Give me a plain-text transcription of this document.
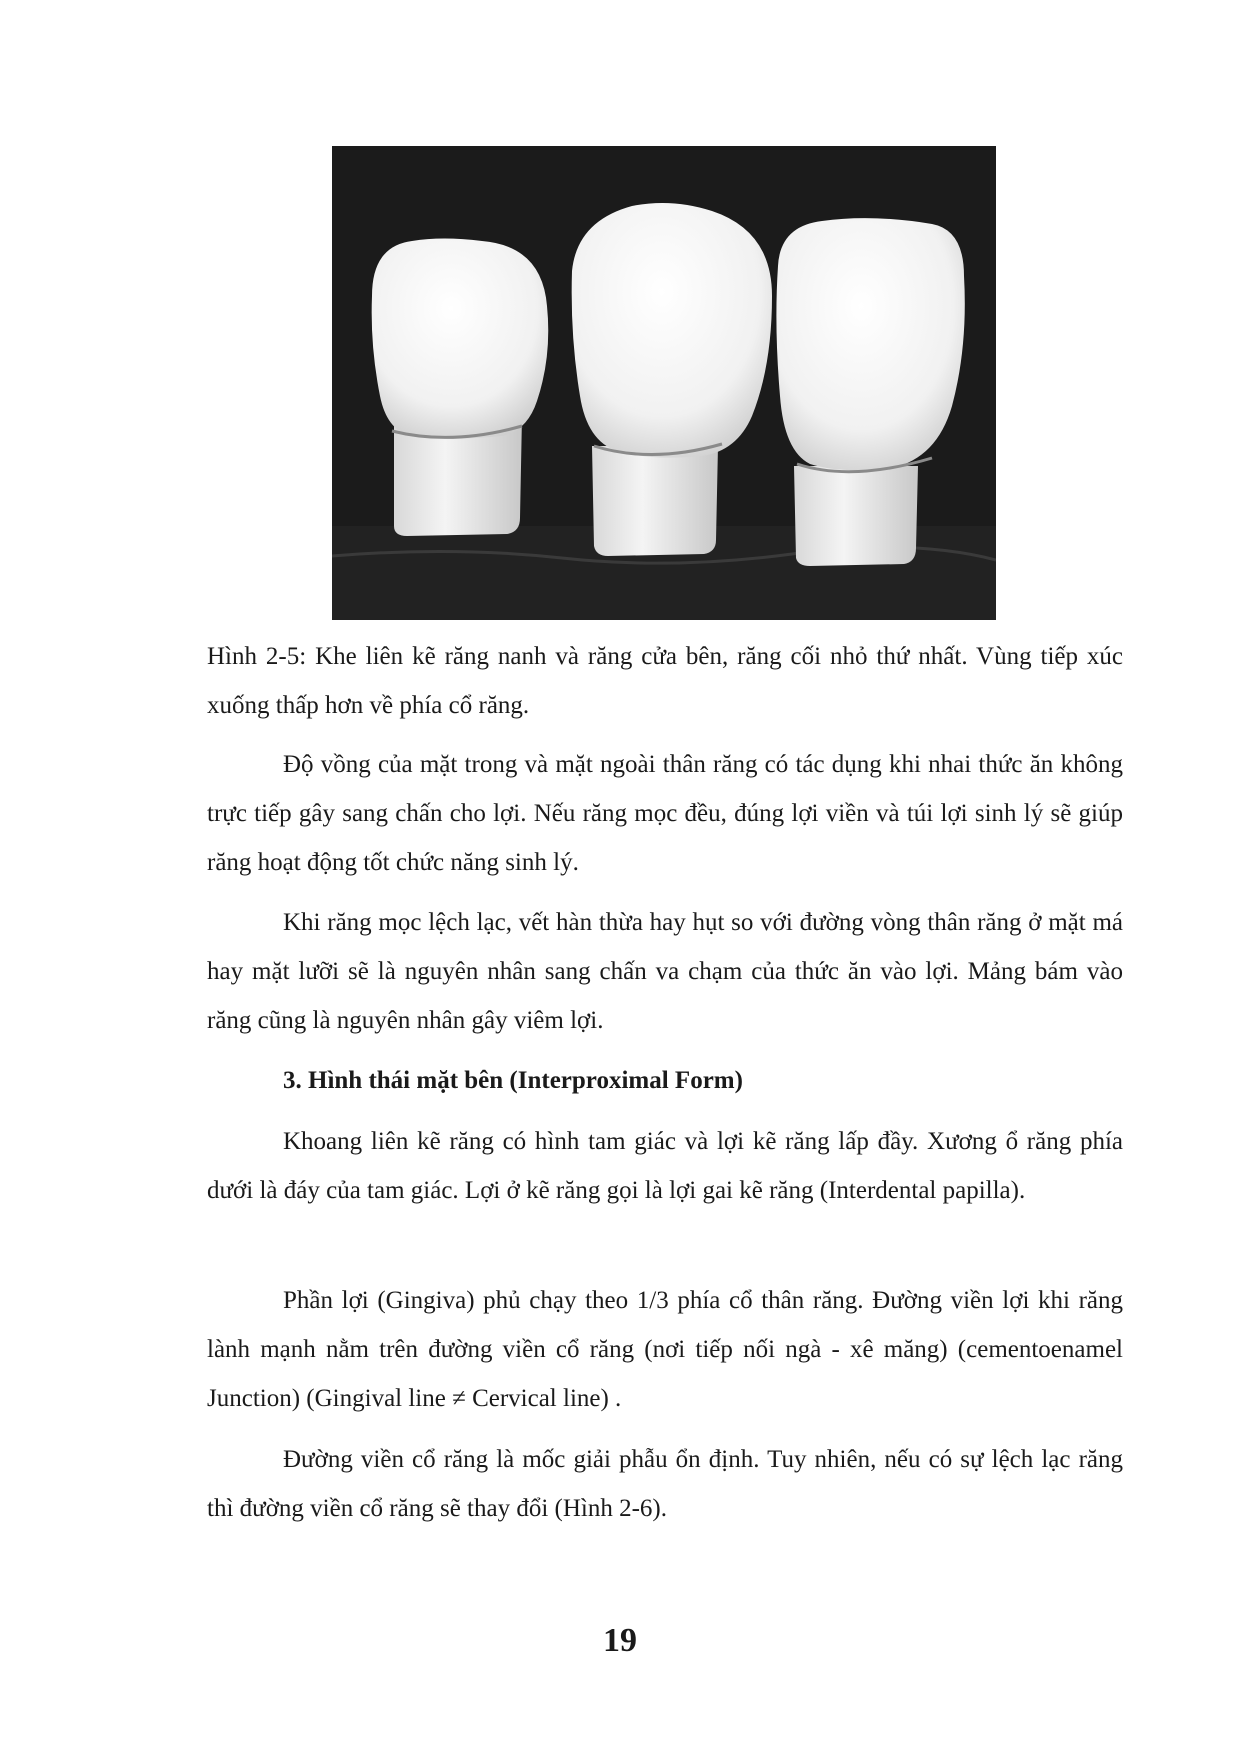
Hình 2-5: Khe liên kẽ răng nanh và răng cửa bên, răng cối nhỏ thứ nhất. Vùng tiếp xúc xuống thấp hơn về phía cổ răng.

Độ vồng của mặt trong và mặt ngoài thân răng có tác dụng khi nhai thức ăn không trực tiếp gây sang chấn cho lợi. Nếu răng mọc đều, đúng lợi viền và túi lợi sinh lý sẽ giúp răng hoạt động tốt chức năng sinh lý.

Khi răng mọc lệch lạc, vết hàn thừa hay hụt so với đường vòng thân răng ở mặt má hay mặt lưỡi sẽ là nguyên nhân sang chấn va chạm của thức ăn vào lợi. Mảng bám vào răng cũng là nguyên nhân gây viêm lợi.

3. Hình thái mặt bên (Interproximal Form)

Khoang liên kẽ răng có hình tam giác và lợi kẽ răng lấp đầy. Xương ổ răng phía dưới là đáy của tam giác. Lợi ở kẽ răng gọi là lợi gai kẽ răng (Interdental papilla).

Phần lợi (Gingiva) phủ chạy theo 1/3 phía cổ thân răng. Đường viền lợi khi răng lành mạnh nằm trên đường viền cổ răng (nơi tiếp nối ngà - xê măng) (cementoenamel Junction) (Gingival line ≠ Cervical line) .

Đường viền cổ răng là mốc giải phẫu ổn định. Tuy nhiên, nếu có sự lệch lạc răng thì đường viền cổ răng sẽ thay đổi (Hình 2-6).

19
